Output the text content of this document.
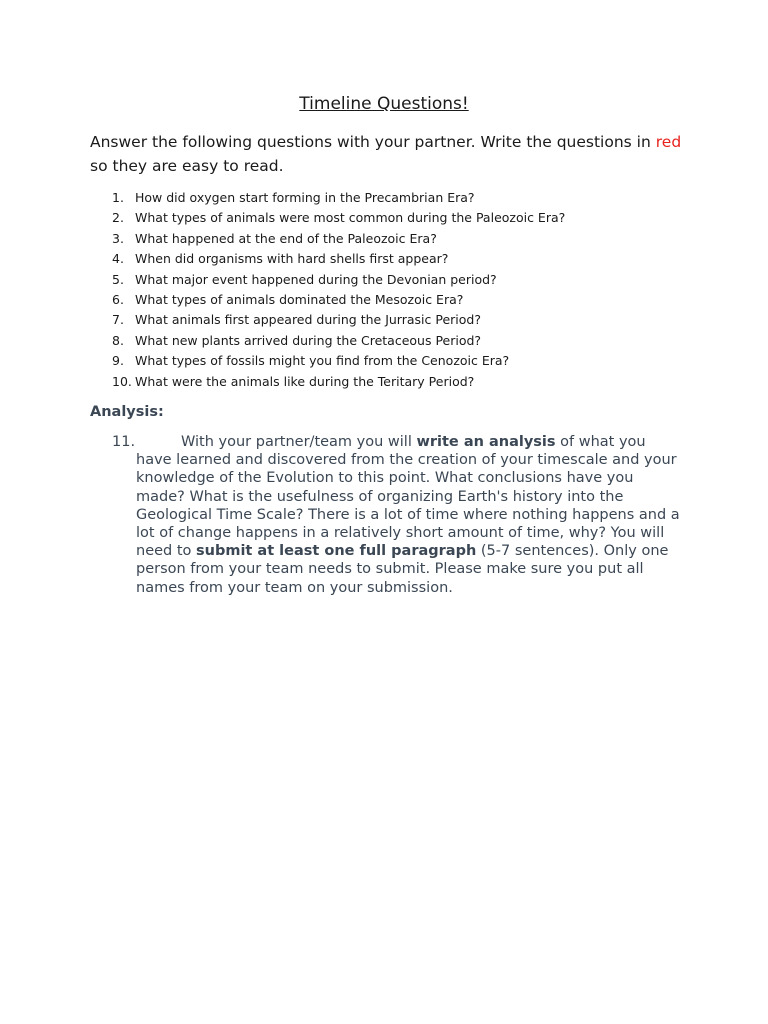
Timeline Questions!

Answer the following questions with your partner. Write the questions in red so they are easy to read.

1. How did oxygen start forming in the Precambrian Era?
2. What types of animals were most common during the Paleozoic Era?
3. What happened at the end of the Paleozoic Era?
4. When did organisms with hard shells first appear?
5. What major event happened during the Devonian period?
6. What types of animals dominated the Mesozoic Era?
7. What animals first appeared during the Jurrasic Period?
8. What new plants arrived during the Cretaceous Period?
9. What types of fossils might you find from the Cenozoic Era?
10. What were the animals like during the Teritary Period?
Analysis:
11.	With your partner/team you will write an analysis of what you have learned and discovered from the creation of your timescale and your knowledge of the Evolution to this point. What conclusions have you made? What is the usefulness of organizing Earth's history into the Geological Time Scale? There is a lot of time where nothing happens and a lot of change happens in a relatively short amount of time, why? You will need to submit at least one full paragraph (5-7 sentences). Only one person from your team needs to submit. Please make sure you put all names from your team on your submission.
